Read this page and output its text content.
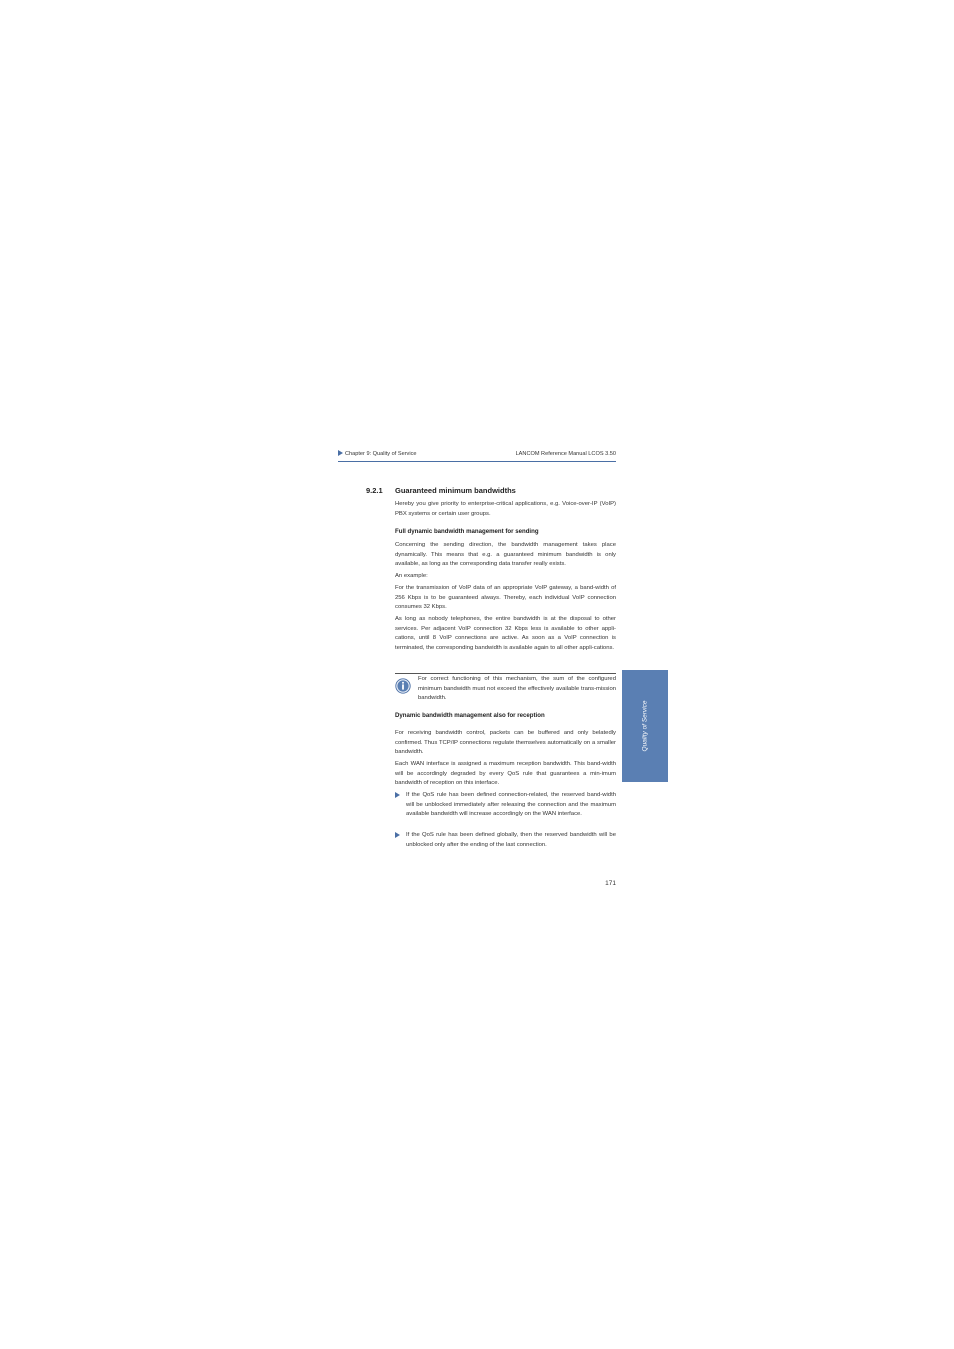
Chapter 9: Quality of Service	LANCOM Reference Manual LCOS 3.50
Quality of Service
9.2.1 Guaranteed minimum bandwidths

Hereby you give priority to enterprise-critical applications, e.g. Voice-over-IP (VoIP) PBX systems or certain user groups.

Full dynamic bandwidth management for sending

Concerning the sending direction, the bandwidth management takes place dynamically. This means that e.g. a guaranteed minimum bandwidth is only available, as long as the corresponding data transfer really exists.

An example:

For the transmission of VoIP data of an appropriate VoIP gateway, a band-width of 256 Kbps is to be guaranteed always. Thereby, each individual VoIP connection consumes 32 Kbps.

As long as nobody telephones, the entire bandwidth is at the disposal to other services. Per adjacent VoIP connection 32 Kbps less is available to other appli-cations, until 8 VoIP connections are active. As soon as a VoIP connection is terminated, the corresponding bandwidth is available again to all other appli-cations.

For correct functioning of this mechanism, the sum of the configured minimum bandwidth must not exceed the effectively available trans-mission bandwidth.

Dynamic bandwidth management also for reception

For receiving bandwidth control, packets can be buffered and only belatedly confirmed. Thus TCP/IP connections regulate themselves automatically on a smaller bandwidth.

Each WAN interface is assigned a maximum reception bandwidth. This band-width will be accordingly degraded by every QoS rule that guarantees a min-imum bandwidth of reception on this interface.

If the QoS rule has been defined connection-related, the reserved band-width will be unblocked immediately after releasing the connection and the maximum available bandwidth will increase accordingly on the WAN interface.

If the QoS rule has been defined globally, then the reserved bandwidth will be unblocked only after the ending of the last connection.

171
